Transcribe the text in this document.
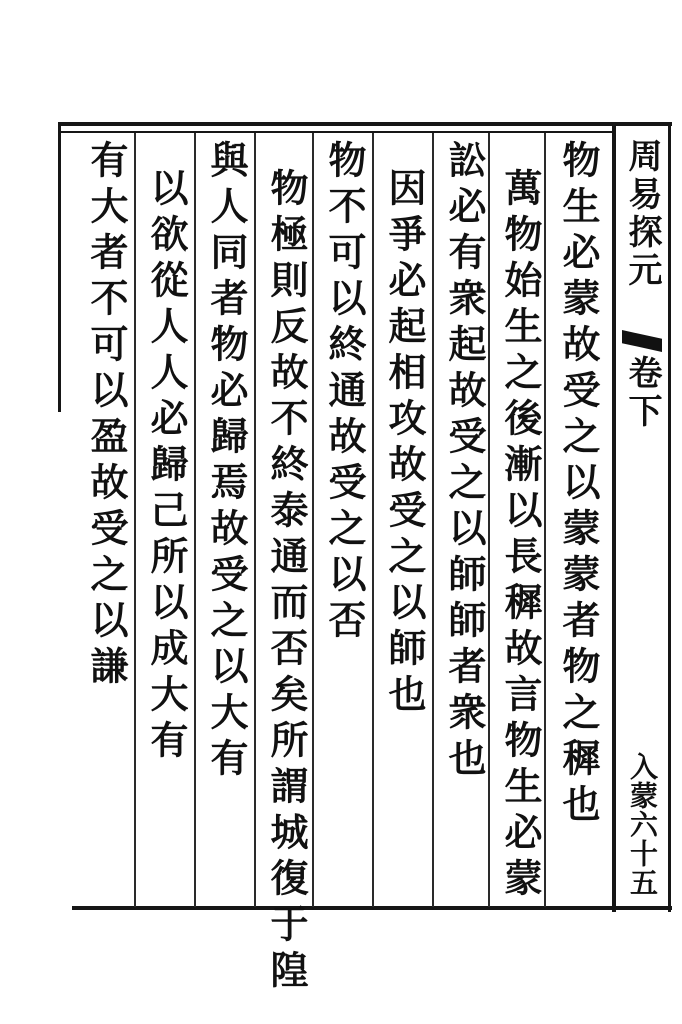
周易探元
卷下
入蒙六十五
物生必蒙故受之以蒙蒙者物之穉也
萬物始生之後漸以長穉故言物生必蒙
訟必有衆起故受之以師師者衆也
因爭必起相攻故受之以師也
物不可以終通故受之以否
物極則反故不終泰通而否矣所謂城復于隍
與人同者物必歸焉故受之以大有
以欲從人人必歸己所以成大有
有大者不可以盈故受之以謙
